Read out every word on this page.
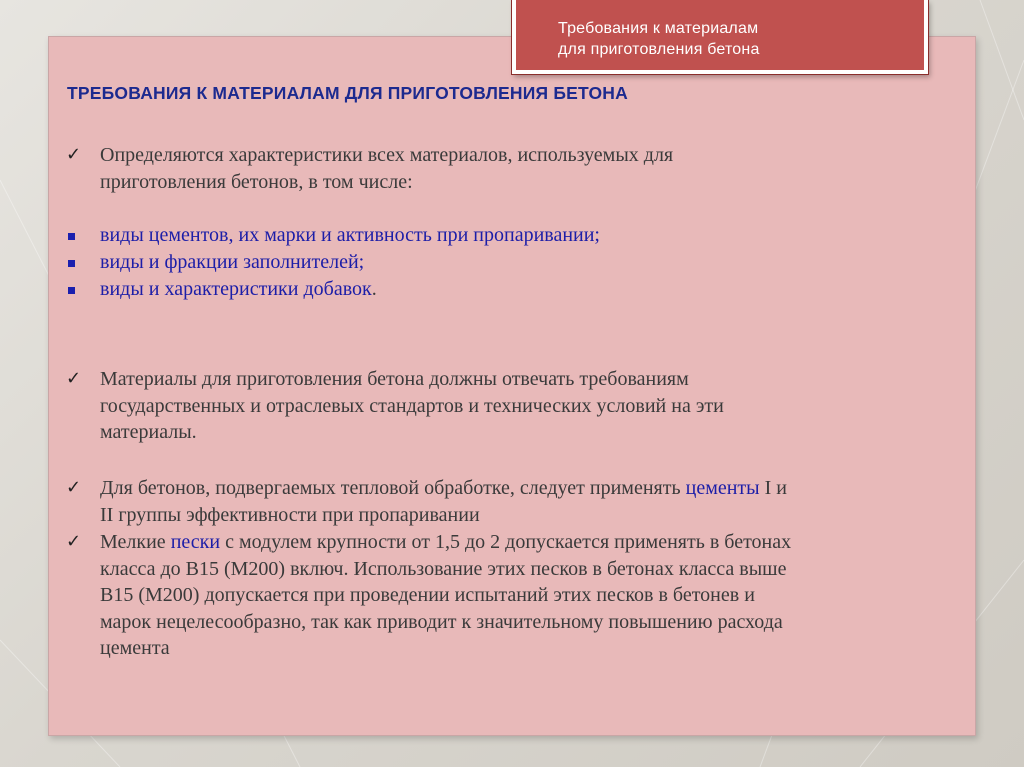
Требования к материалам
для приготовления бетона
ТРЕБОВАНИЯ К МАТЕРИАЛАМ ДЛЯ ПРИГОТОВЛЕНИЯ БЕТОНА
✓ Определяются характеристики всех материалов, используемых для
приготовления бетонов, в том числе:
виды цементов, их марки и активность при пропаривании;
виды и фракции заполнителей;
виды и характеристики добавок.
✓ Материалы для приготовления бетона должны отвечать требованиям
государственных и отраслевых стандартов и технических условий на эти
материалы.
✓ Для бетонов, подвергаемых тепловой обработке, следует применять цементы I и
II группы эффективности при пропаривании
✓ Мелкие пески с модулем крупности от 1,5 до 2 допускается применять в бетонах
класса до В15 (М200) включ. Использование этих песков в бетонах класса выше
В15 (М200) допускается при проведении испытаний этих песков в бетонев и
марок нецелесообразно, так как приводит к значительному повышению расхода
цемента
